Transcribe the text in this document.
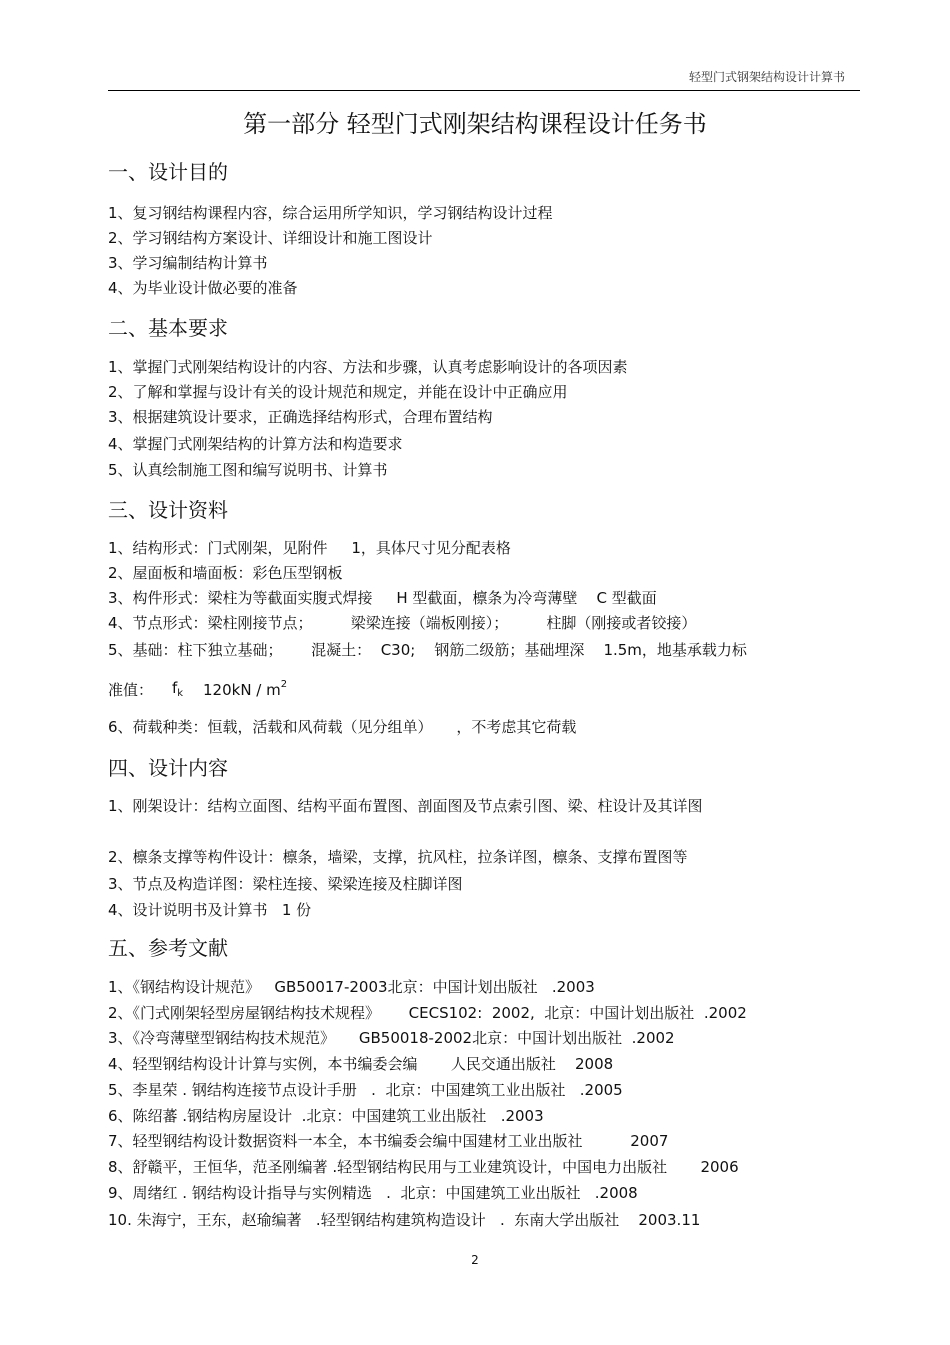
轻型门式钢架结构设计计算书
第一部分 轻型门式刚架结构课程设计任务书
一、设计目的
1、复习钢结构课程内容，综合运用所学知识，学习钢结构设计过程
2、学习钢结构方案设计、详细设计和施工图设计
3、学习编制结构计算书
4、为毕业设计做必要的准备
二、基本要求
1、掌握门式刚架结构设计的内容、方法和步骤，认真考虑影响设计的各项因素
2、了解和掌握与设计有关的设计规范和规定，并能在设计中正确应用
3、根据建筑设计要求，正确选择结构形式，合理布置结构
4、掌握门式刚架结构的计算方法和构造要求
5、认真绘制施工图和编写说明书、计算书
三、设计资料
1、结构形式：门式刚架，见附件     1，具体尺寸见分配表格
2、屋面板和墙面板：彩色压型钢板
3、构件形式：梁柱为等截面实腹式焊接     H 型截面，檩条为冷弯薄壁    C 型截面
4、节点形式：梁柱刚接节点；        梁梁连接（端板刚接）；        柱脚（刚接或者铰接）
5、基础：柱下独立基础；      混凝土：  C30;    钢筋二级筋；基础埋深    1.5m，地基承载力标
准值： $f_k$ $120kN / m^2$
6、荷载种类：恒载，活载和风荷载（见分组单）     ，不考虑其它荷载
四、设计内容
1、刚架设计：结构立面图、结构平面布置图、剖面图及节点索引图、梁、柱设计及其详图
2、檩条支撑等构件设计：檩条，墙梁，支撑，抗风柱，拉条详图，檩条、支撑布置图等
3、节点及构造详图：梁柱连接、梁梁连接及柱脚详图
4、设计说明书及计算书   1 份
五、参考文献
1、《钢结构设计规范》   GB50017-2003北京：中国计划出版社   .2003
2、《门式刚架轻型房屋钢结构技术规程》      CECS102:  2002,  北京：中国计划出版社  .2002
3、《冷弯薄壁型钢结构技术规范》     GB50018-2002北京：中国计划出版社  .2002
4、轻型钢结构设计计算与实例，本书编委会编       人民交通出版社    2008
5、李星荣 . 钢结构连接节点设计手册   .  北京：中国建筑工业出版社   .2005
6、陈绍蕃 .钢结构房屋设计  .北京：中国建筑工业出版社   .2003
7、轻型钢结构设计数据资料一本全，本书编委会编中国建材工业出版社          2007
8、舒赣平，王恒华，范圣刚编著 .轻型钢结构民用与工业建筑设计，中国电力出版社       2006
9、周绪红 . 钢结构设计指导与实例精选   .  北京：中国建筑工业出版社   .2008
10. 朱海宁，王东，赵瑜编著   .轻型钢结构建筑构造设计   .  东南大学出版社    2003.11
2
